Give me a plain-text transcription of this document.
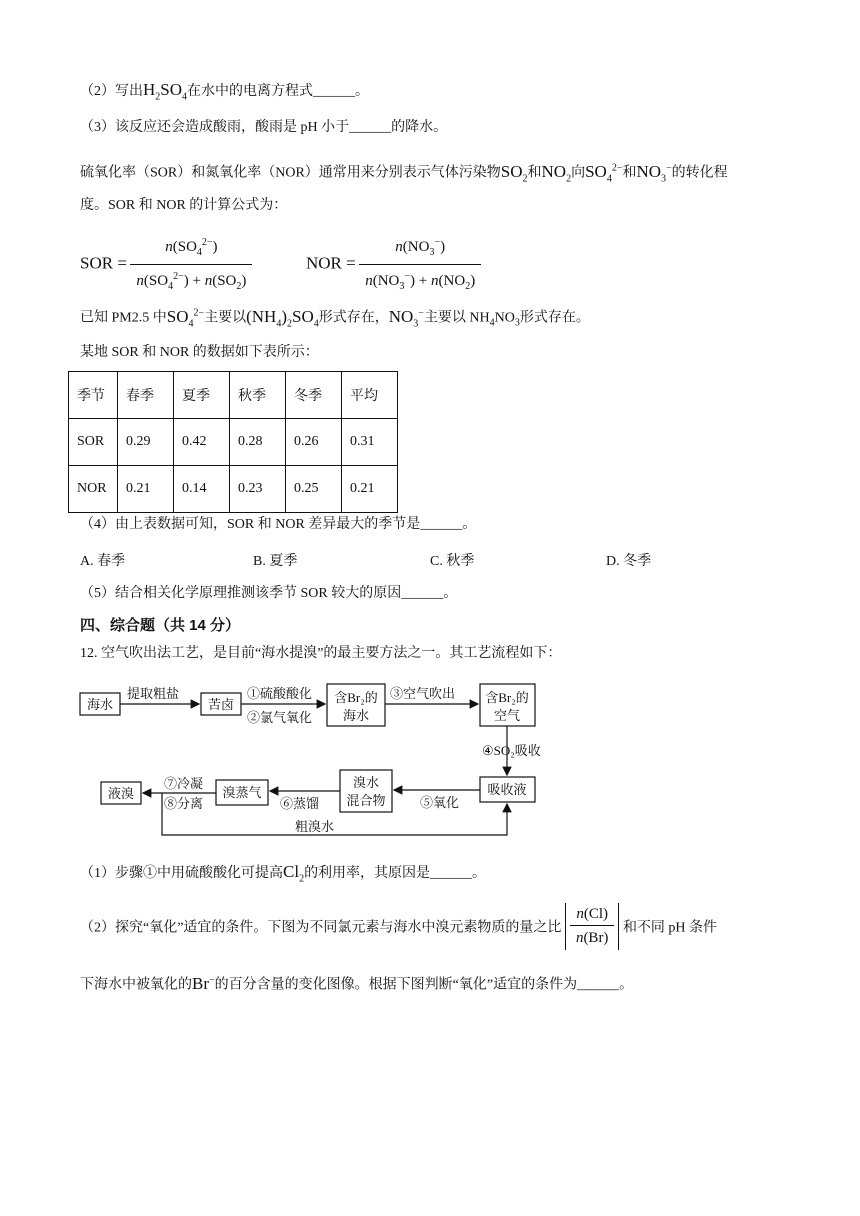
（2）写出$H_2SO_4$在水中的电离方程式______。
（3）该反应还会造成酸雨，酸雨是 pH 小于______的降水。
硫氧化率（SOR）和氮氧化率（NOR）通常用来分别表示气体污染物$SO_2$和$NO_2$向$SO_4^{2-}$和$NO_3^-$的转化程
度。SOR 和 NOR 的计算公式为：
SOR = $\frac{n(SO_4^{2-})}{n(SO_4^{2-}) + n(SO_2)}$	NOR = $\frac{n(NO_3^-)}{n(NO_3^-) + n(NO_2)}$
已知 PM2.5 中$SO_4^{2-}$主要以$(NH_4)_2SO_4$形式存在，$NO_3^-$主要以 $NH_4NO_3$形式存在。
某地 SOR 和 NOR 的数据如下表所示：
季节	春季	夏季	秋季	冬季	平均
SOR	0.29	0.42	0.28	0.26	0.31
NOR	0.21	0.14	0.23	0.25	0.21
（4）由上表数据可知，SOR 和 NOR 差异最大的季节是______。
A. 春季	B. 夏季	C. 秋季	D. 冬季
（5）结合相关化学原理推测该季节 SOR 较大的原因______。
四、综合题（共 14 分）
12. 空气吹出法工艺，是目前“海水提溴”的最主要方法之一。其工艺流程如下：
海水	苦卤	含Br₂的
海水
含Br₂的
空气
吸收液
溴水
混合物
溴蒸气
液溴
提取粗盐	①硫酸酸化
②氯气氧化
③空气吹出
④SO₂吸收
⑤氧化
⑥蒸馏
⑦冷凝
⑧分离
粗溴水
（1）步骤①中用硫酸酸化可提高$Cl_2$的利用率，其原因是______。
（2）探究“氧化”适宜的条件。下图为不同氯元素与海水中溴元素物质的量之比 $\frac{n(Cl)}{n(Br)}$ 和不同 pH 条件
下海水中被氧化的Br−的百分含量的变化图像。根据下图判断“氧化”适宜的条件为______。
